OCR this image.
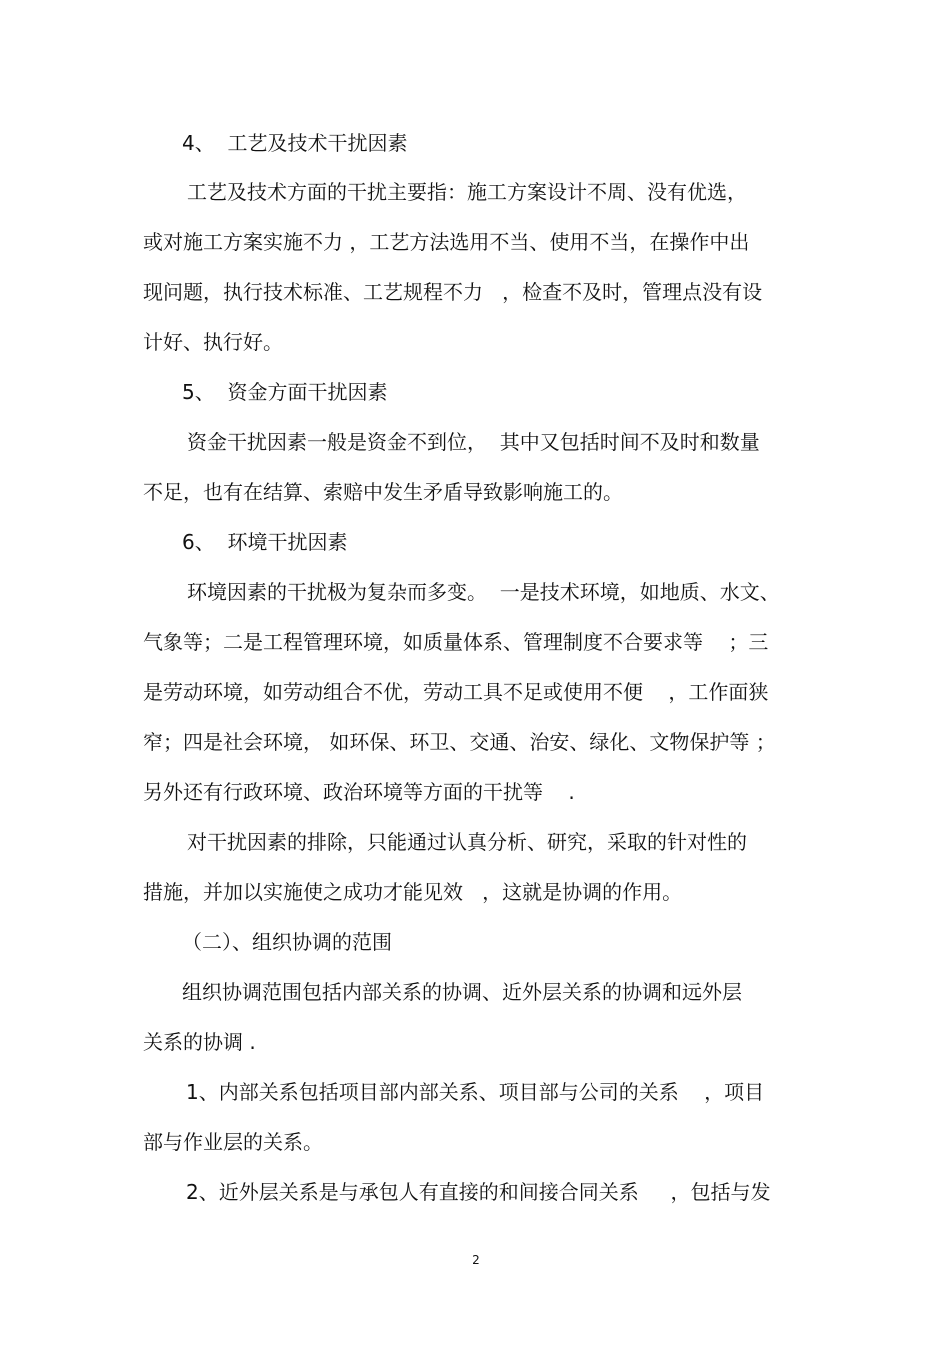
4、  工艺及技术干扰因素
工艺及技术方面的干扰主要指：施工方案设计不周、没有优选，
或对施工方案实施不力 ，工艺方法选用不当、使用不当，在操作中出
现问题，执行技术标准、工艺规程不力   ，检查不及时，管理点没有设
计好、执行好。
5、  资金方面干扰因素
资金干扰因素一般是资金不到位，  其中又包括时间不及时和数量
不足，也有在结算、索赔中发生矛盾导致影响施工的。
6、  环境干扰因素
环境因素的干扰极为复杂而多变。  一是技术环境，如地质、水文、
气象等；二是工程管理环境，如质量体系、管理制度不合要求等    ；三
是劳动环境，如劳动组合不优，劳动工具不足或使用不便    ，工作面狭
窄；四是社会环境， 如环保、环卫、交通、治安、绿化、文物保护等 ；
另外还有行政环境、政治环境等方面的干扰等    .
对干扰因素的排除，只能通过认真分析、研究，采取的针对性的
措施，并加以实施使之成功才能见效   ，这就是协调的作用。
（二）、组织协调的范围
组织协调范围包括内部关系的协调、近外层关系的协调和远外层
关系的协调 .
1、内部关系包括项目部内部关系、项目部与公司的关系    ，项目
部与作业层的关系。
2、近外层关系是与承包人有直接的和间接合同关系     ，包括与发
2
